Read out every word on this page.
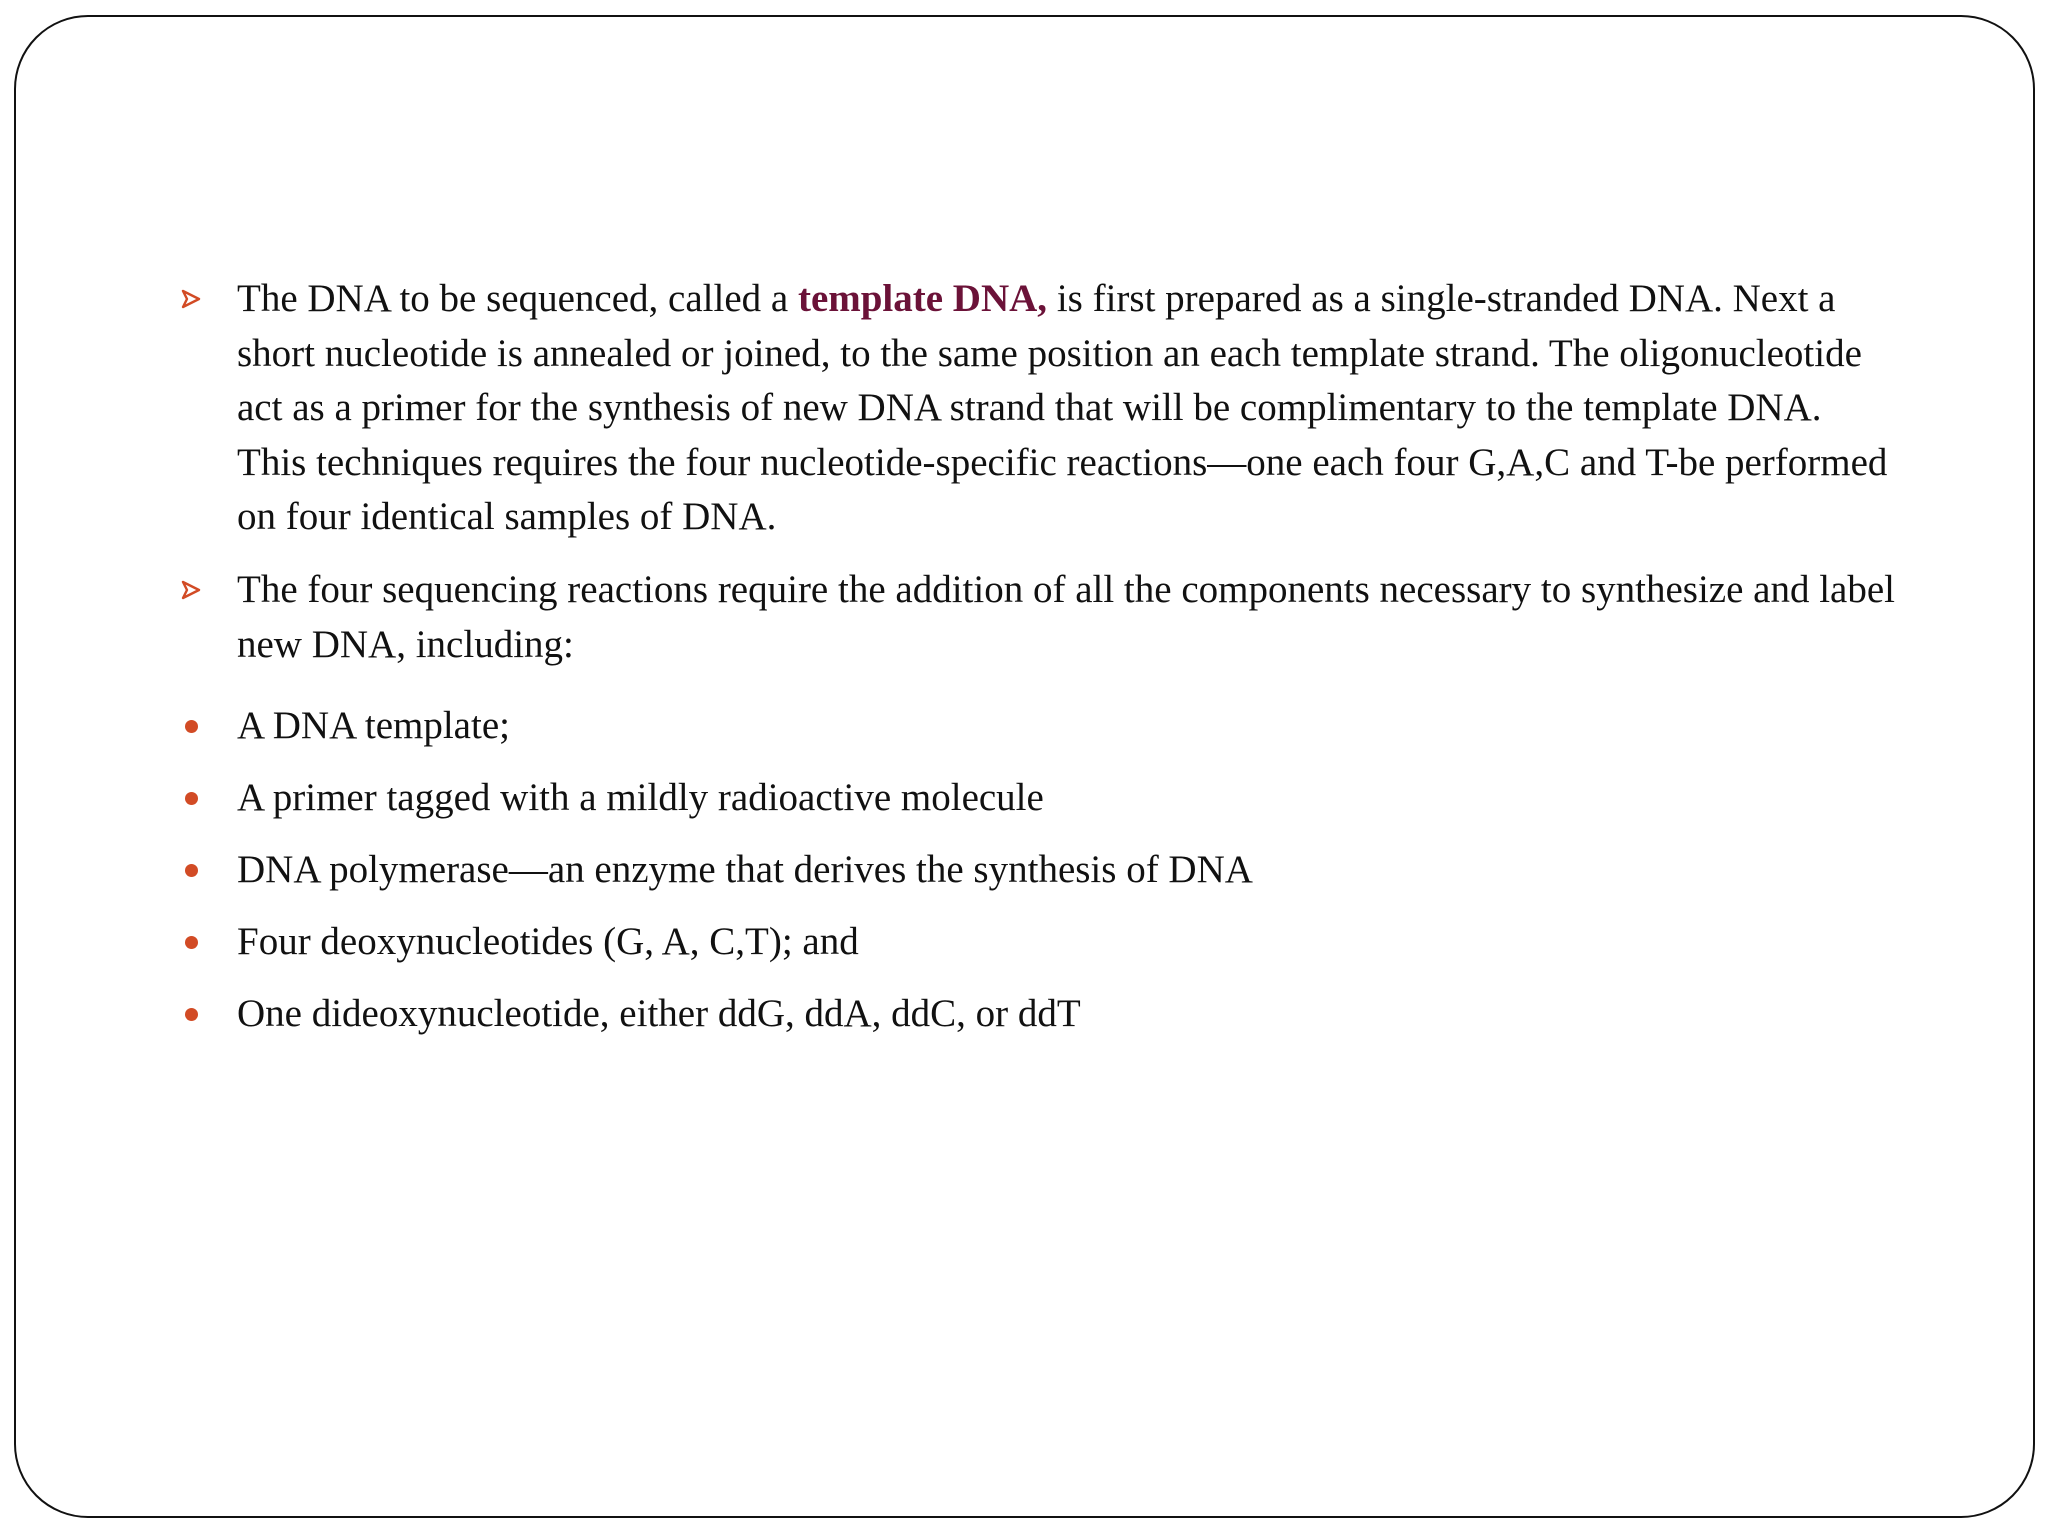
The DNA to be sequenced, called a template DNA, is first prepared as a single-stranded DNA. Next a short nucleotide is annealed or joined, to the same position an each template strand. The oligonucleotide act as a primer for the synthesis of new DNA strand that will be complimentary to the template DNA. This techniques requires the four nucleotide-specific reactions—one each four G,A,C and T-be performed on four identical samples of DNA.
The four sequencing reactions require the addition of all the components necessary to synthesize and label new DNA, including:
A DNA template;
A primer tagged with a mildly radioactive molecule
DNA polymerase—an enzyme that derives the synthesis of DNA
Four deoxynucleotides (G, A, C,T); and
One dideoxynucleotide, either ddG, ddA, ddC, or ddT
